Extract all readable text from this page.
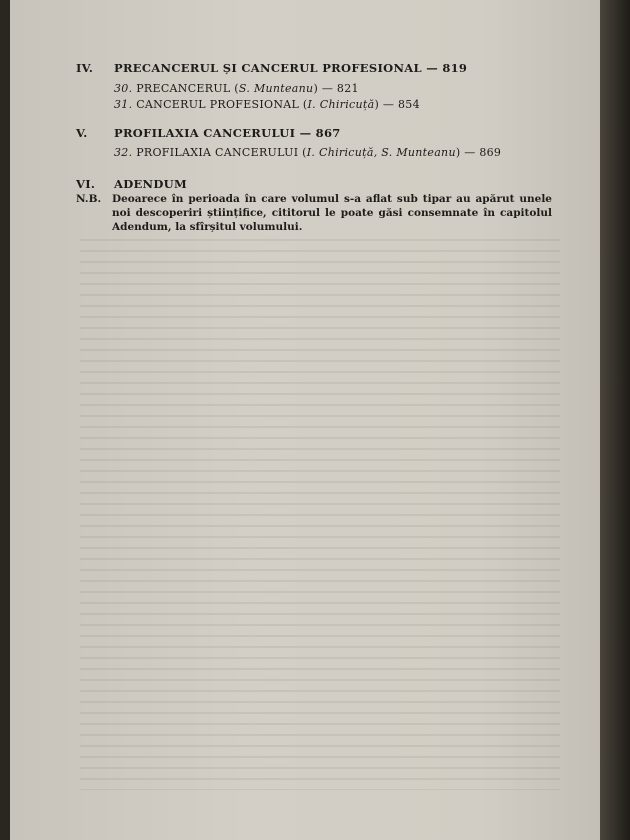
IV. PRECANCERUL ȘI CANCERUL PROFESIONAL — 819
30. PRECANCERUL (S. Munteanu) — 821
31. CANCERUL PROFESIONAL (I. Chiricuță) — 854
V. PROFILAXIA CANCERULUI — 867
32. PROFILAXIA CANCERULUI (I. Chiricuță, S. Munteanu) — 869
VI. ADENDUM
N.B. Deoarece în perioada în care volumul s-a aflat sub tipar au apărut unele noi descoperiri științifice, cititorul le poate găsi consemnate în capitolul Adendum, la sfîrșitul volumului.
